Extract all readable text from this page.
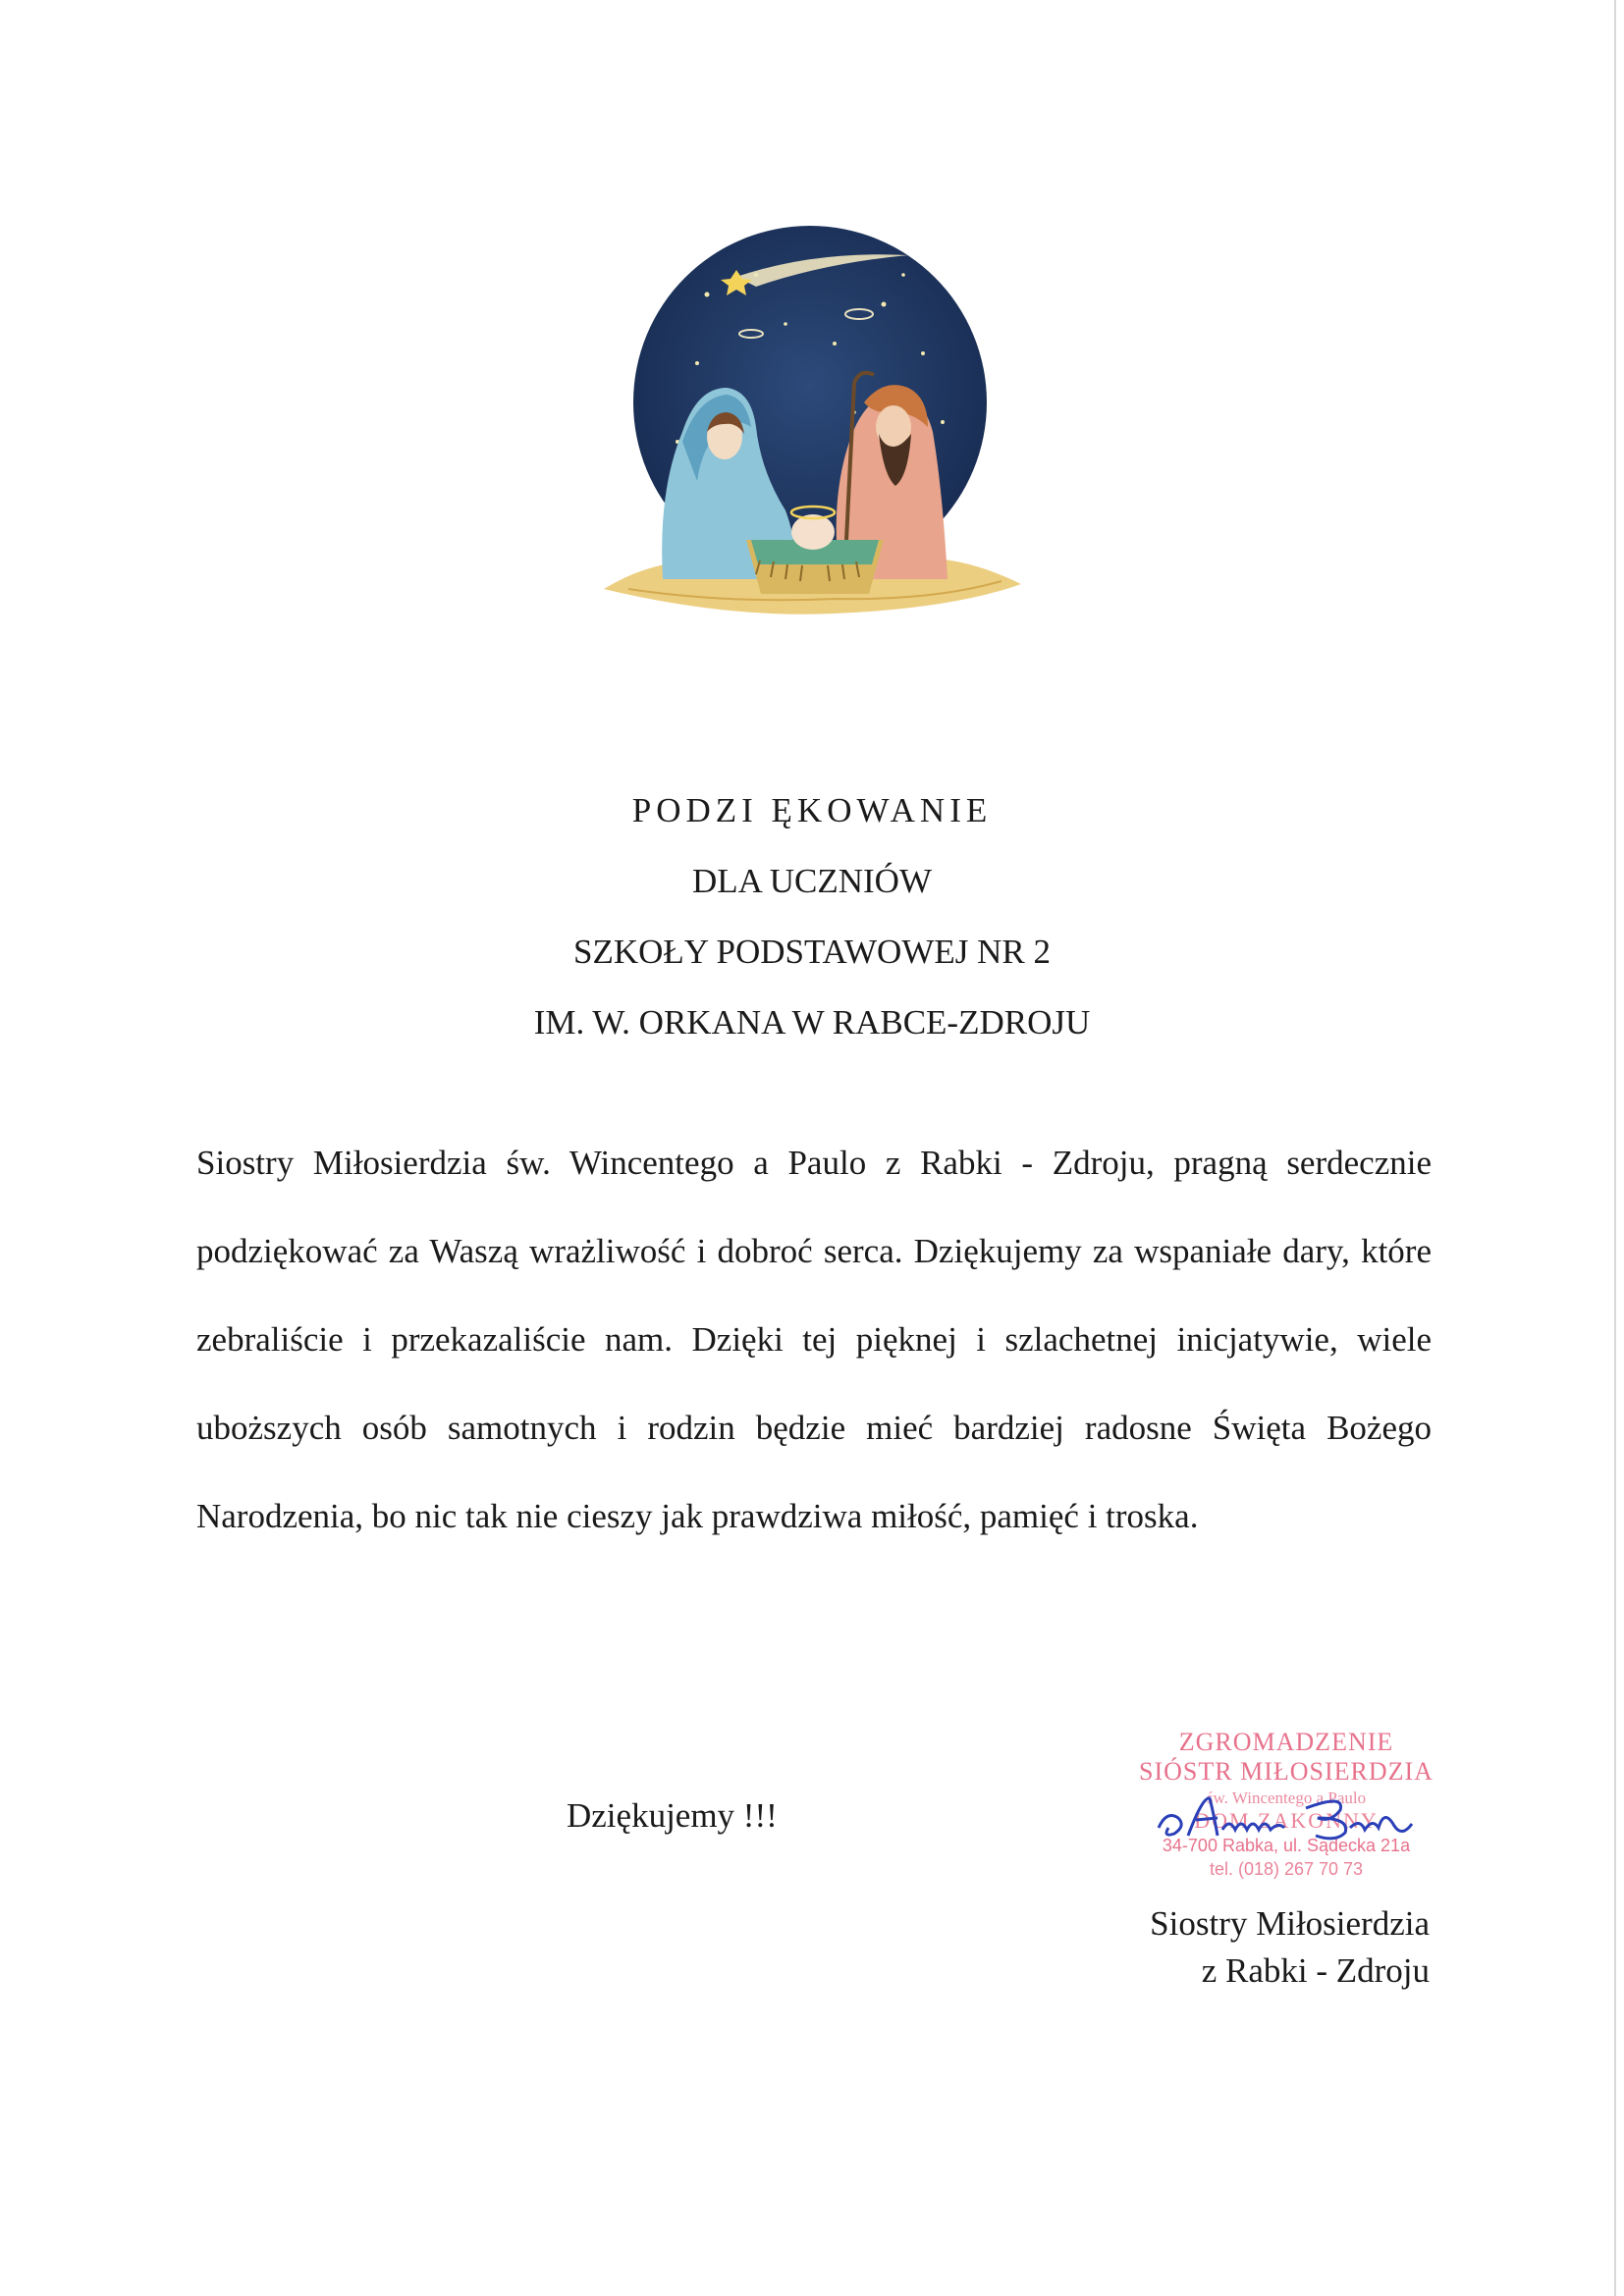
PODZI ĘKOWANIE
DLA UCZNIÓW
SZKOŁY PODSTAWOWEJ NR 2
IM. W. ORKANA W RABCE-ZDROJU

Siostry Miłosierdzia św. Wincentego a Paulo z Rabki - Zdroju, pragną serdecznie podziękować za Waszą wrażliwość i dobroć serca. Dziękujemy za wspaniałe dary, które zebraliście i przekazaliście nam. Dzięki tej pięknej i szlachetnej inicjatywie, wiele uboższych osób samotnych i rodzin będzie mieć bardziej radosne Święta Bożego Narodzenia, bo nic tak nie cieszy jak prawdziwa miłość, pamięć i troska.

Dziękujemy !!!
ZGROMADZENIE
SIÓSTR MIŁOSIERDZIA
św. Wincentego a Paulo
DOM ZAKONNY
34-700 Rabka, ul. Sądecka 21a
tel. (018) 267 70 73
Siostry Miłosierdzia
z Rabki - Zdroju
